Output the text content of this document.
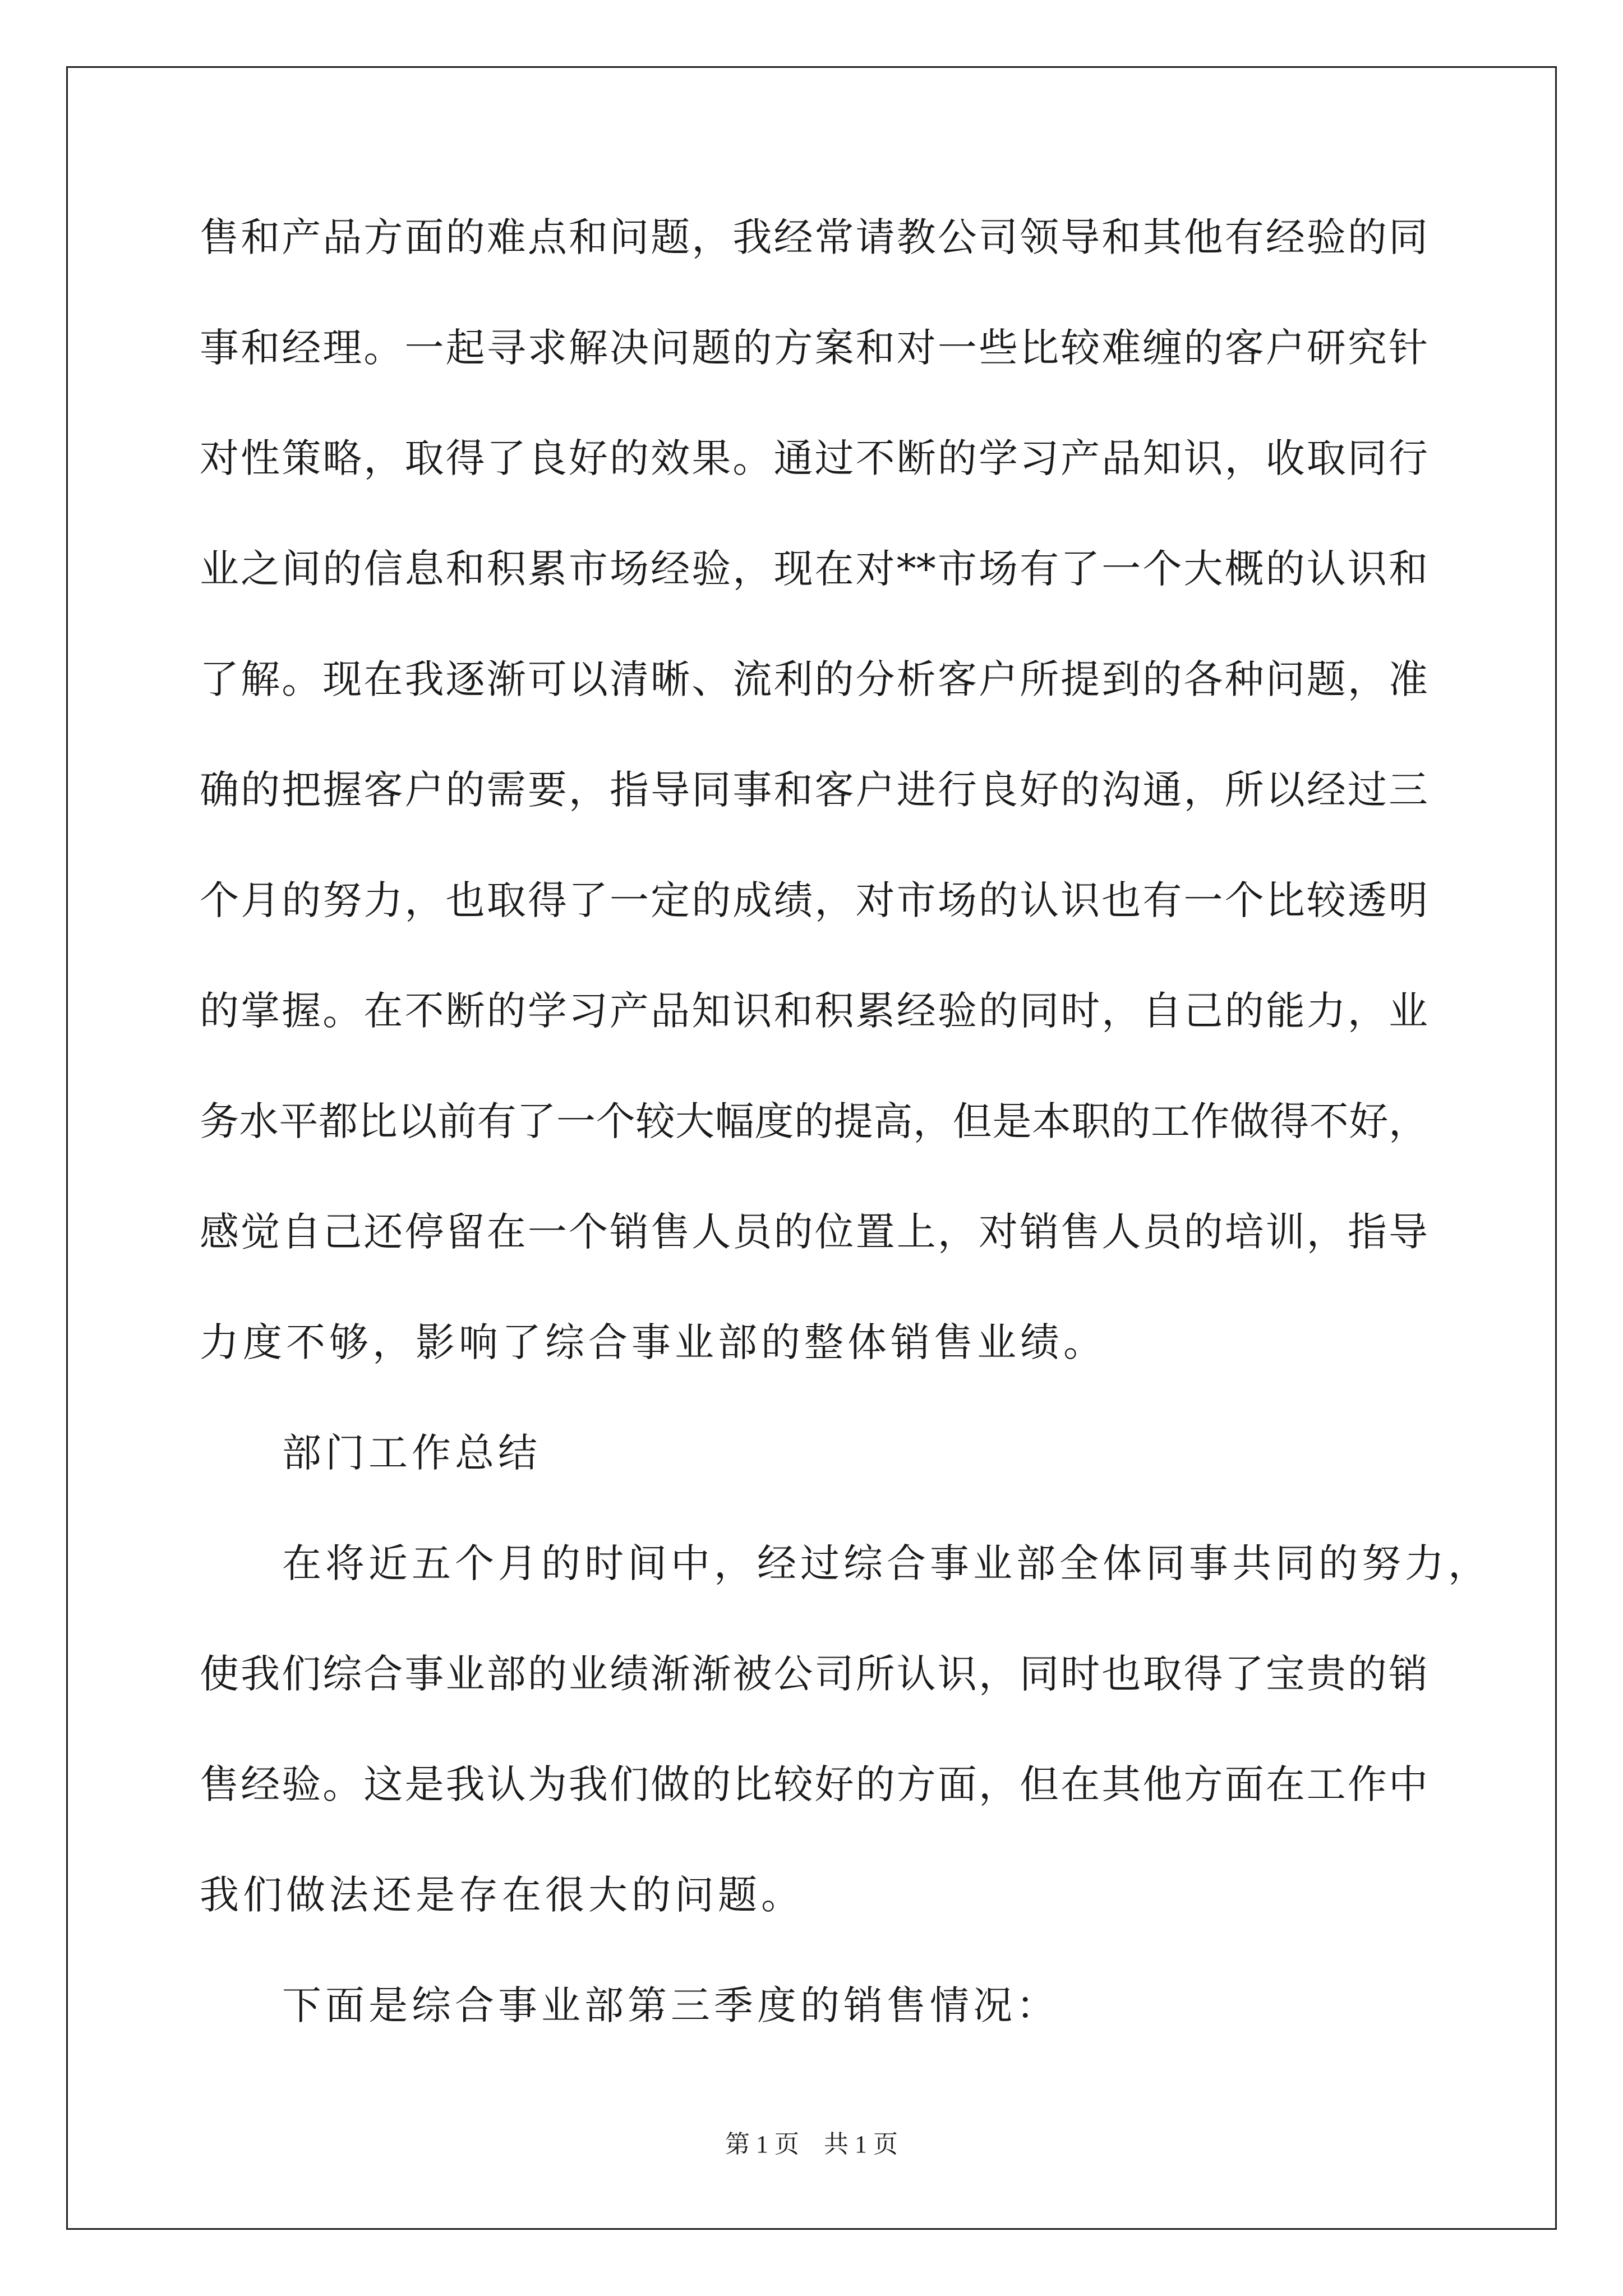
售和产品方面的难点和问题，我经常请教公司领导和其他有经验的同
事和经理。一起寻求解决问题的方案和对一些比较难缠的客户研究针
对性策略，取得了良好的效果。通过不断的学习产品知识，收取同行
业之间的信息和积累市场经验，现在对**市场有了一个大概的认识和
了解。现在我逐渐可以清晰、流利的分析客户所提到的各种问题，准
确的把握客户的需要，指导同事和客户进行良好的沟通，所以经过三
个月的努力，也取得了一定的成绩，对市场的认识也有一个比较透明
的掌握。在不断的学习产品知识和积累经验的同时，自己的能力，业
务水平都比以前有了一个较大幅度的提高，但是本职的工作做得不好，
感觉自己还停留在一个销售人员的位置上，对销售人员的培训，指导
力度不够，影响了综合事业部的整体销售业绩。
部门工作总结
在将近五个月的时间中，经过综合事业部全体同事共同的努力，
使我们综合事业部的业绩渐渐被公司所认识，同时也取得了宝贵的销
售经验。这是我认为我们做的比较好的方面，但在其他方面在工作中
我们做法还是存在很大的问题。
下面是综合事业部第三季度的销售情况：
第 1 页    共 1 页
